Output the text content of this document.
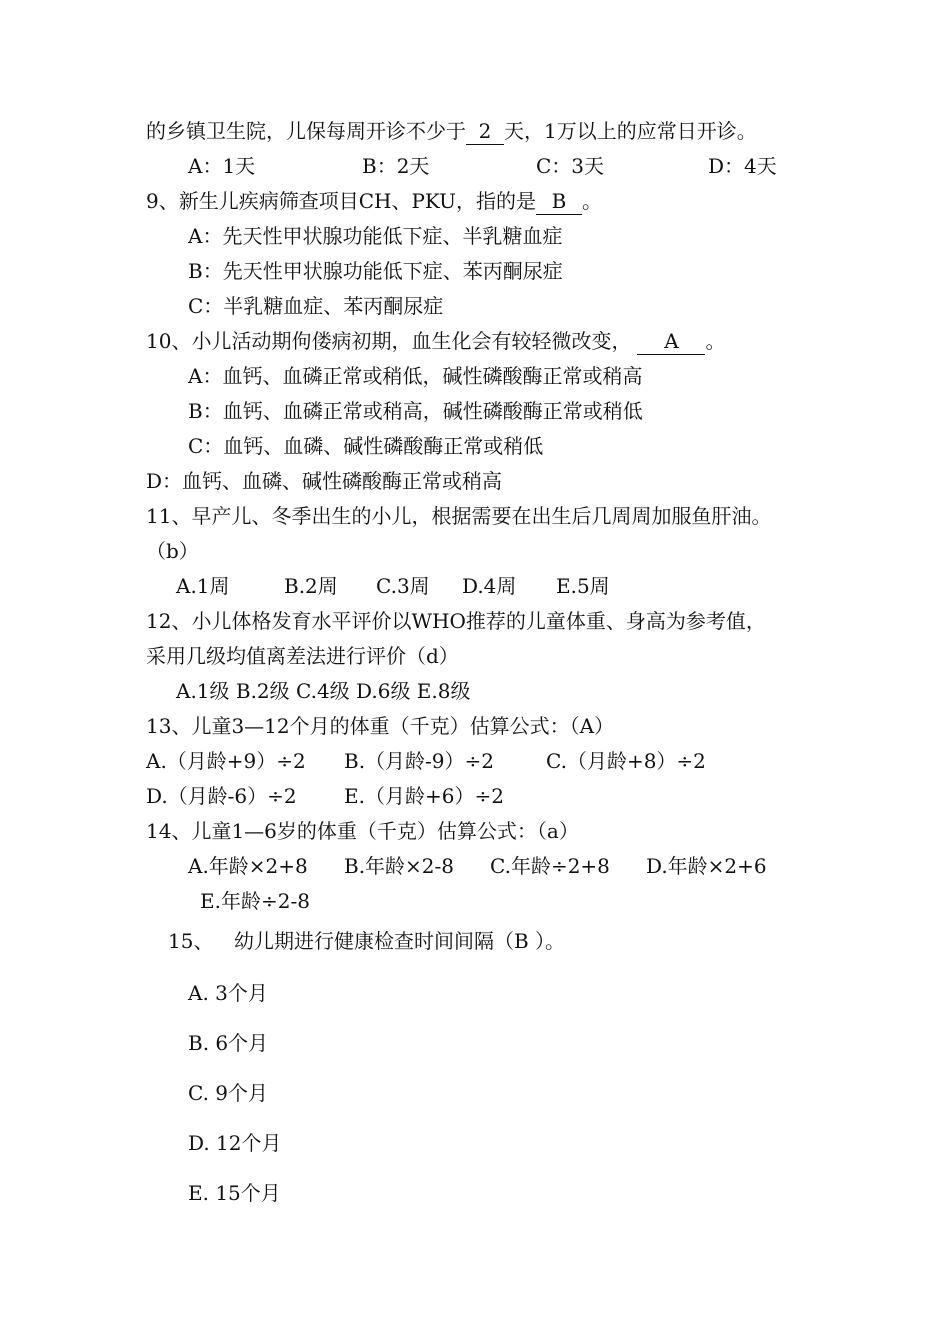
的乡镇卫生院，儿保每周开诊不少于 2 天，1万以上的应常日开诊。
A：1天	B：2天	C：3天	D：4天
9、新生儿疾病筛查项目CH、PKU，指的是 B 。
A：先天性甲状腺功能低下症、半乳糖血症
B：先天性甲状腺功能低下症、苯丙酮尿症
C：半乳糖血症、苯丙酮尿症
10、小儿活动期佝偻病初期，血生化会有较轻微改变， A 。
A：血钙、血磷正常或稍低，碱性磷酸酶正常或稍高
B：血钙、血磷正常或稍高，碱性磷酸酶正常或稍低
C：血钙、血磷、碱性磷酸酶正常或稍低
D：血钙、血磷、碱性磷酸酶正常或稍高
11、早产儿、冬季出生的小儿，根据需要在出生后几周周加服鱼肝油。
（b）
A.1周	B.2周 C.3周 D.4周 E.5周
12、小儿体格发育水平评价以WHO推荐的儿童体重、身高为参考值，
采用几级均值离差法进行评价（d）
A.1级 B.2级 C.4级 D.6级 E.8级
13、儿童3—12个月的体重（千克）估算公式：（A）
A.（月龄+9）÷2 B.（月龄-9）÷2	C.（月龄+8）÷2
D.（月龄-6）÷2 E.（月龄+6）÷2
14、儿童1—6岁的体重（千克）估算公式：（a）
A.年龄×2+8 B.年龄×2-8 C.年龄÷2+8 D.年龄×2+6
E.年龄÷2-8
15、 幼儿期进行健康检查时间间隔（B ）。
A. 3个月
B. 6个月
C. 9个月
D. 12个月
E. 15个月
